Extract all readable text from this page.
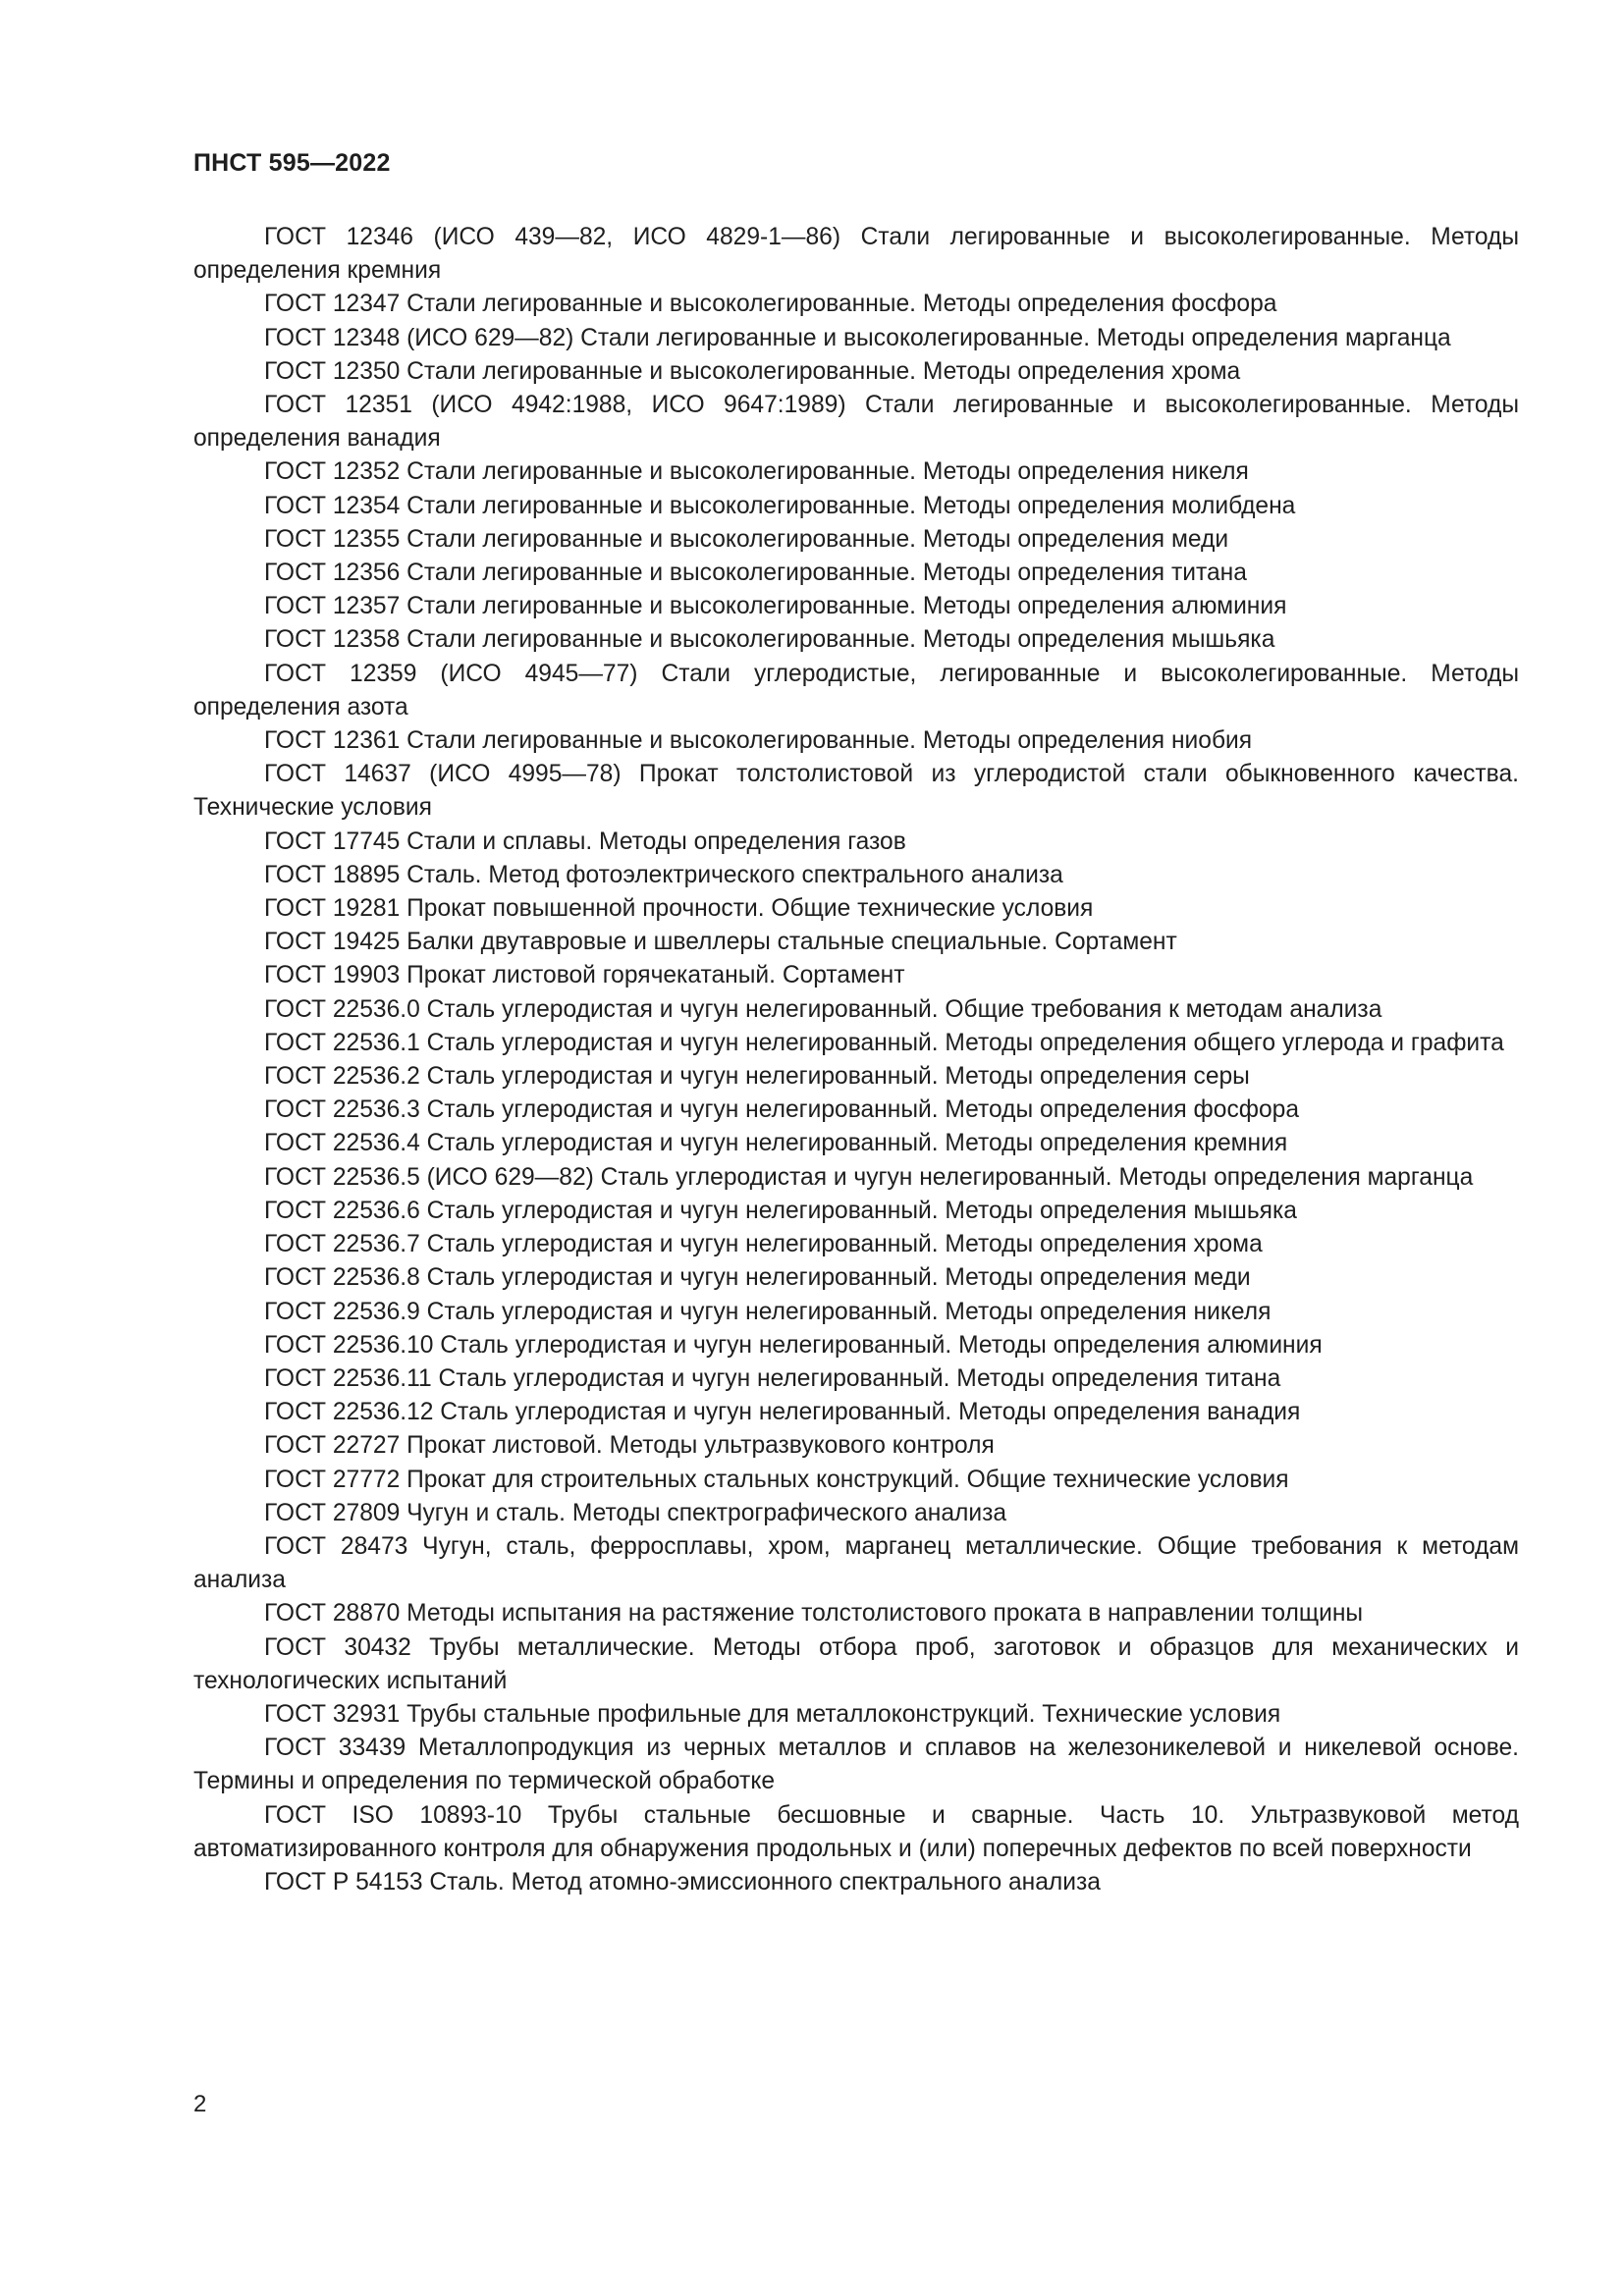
ПНСТ 595—2022
ГОСТ 12346 (ИСО 439—82, ИСО 4829-1—86) Стали легированные и высоколегированные. Методы определения кремния
ГОСТ 12347 Стали легированные и высоколегированные. Методы определения фосфора
ГОСТ 12348 (ИСО 629—82) Стали легированные и высоколегированные. Методы определения марганца
ГОСТ 12350 Стали легированные и высоколегированные. Методы определения хрома
ГОСТ 12351 (ИСО 4942:1988, ИСО 9647:1989) Стали легированные и высоколегированные. Методы определения ванадия
ГОСТ 12352 Стали легированные и высоколегированные. Методы определения никеля
ГОСТ 12354 Стали легированные и высоколегированные. Методы определения молибдена
ГОСТ 12355 Стали легированные и высоколегированные. Методы определения меди
ГОСТ 12356 Стали легированные и высоколегированные. Методы определения титана
ГОСТ 12357 Стали легированные и высоколегированные. Методы определения алюминия
ГОСТ 12358 Стали легированные и высоколегированные. Методы определения мышьяка
ГОСТ 12359 (ИСО 4945—77) Стали углеродистые, легированные и высоколегированные. Методы определения азота
ГОСТ 12361 Стали легированные и высоколегированные. Методы определения ниобия
ГОСТ 14637 (ИСО 4995—78) Прокат толстолистовой из углеродистой стали обыкновенного качества. Технические условия
ГОСТ 17745 Стали и сплавы. Методы определения газов
ГОСТ 18895 Сталь. Метод фотоэлектрического спектрального анализа
ГОСТ 19281 Прокат повышенной прочности. Общие технические условия
ГОСТ 19425 Балки двутавровые и швеллеры стальные специальные. Сортамент
ГОСТ 19903 Прокат листовой горячекатаный. Сортамент
ГОСТ 22536.0 Сталь углеродистая и чугун нелегированный. Общие требования к методам анализа
ГОСТ 22536.1 Сталь углеродистая и чугун нелегированный. Методы определения общего углерода и графита
ГОСТ 22536.2 Сталь углеродистая и чугун нелегированный. Методы определения серы
ГОСТ 22536.3 Сталь углеродистая и чугун нелегированный. Методы определения фосфора
ГОСТ 22536.4 Сталь углеродистая и чугун нелегированный. Методы определения кремния
ГОСТ 22536.5 (ИСО 629—82) Сталь углеродистая и чугун нелегированный. Методы определения марганца
ГОСТ 22536.6 Сталь углеродистая и чугун нелегированный. Методы определения мышьяка
ГОСТ 22536.7 Сталь углеродистая и чугун нелегированный. Методы определения хрома
ГОСТ 22536.8 Сталь углеродистая и чугун нелегированный. Методы определения меди
ГОСТ 22536.9 Сталь углеродистая и чугун нелегированный. Методы определения никеля
ГОСТ 22536.10 Сталь углеродистая и чугун нелегированный. Методы определения алюминия
ГОСТ 22536.11 Сталь углеродистая и чугун нелегированный. Методы определения титана
ГОСТ 22536.12 Сталь углеродистая и чугун нелегированный. Методы определения ванадия
ГОСТ 22727 Прокат листовой. Методы ультразвукового контроля
ГОСТ 27772 Прокат для строительных стальных конструкций. Общие технические условия
ГОСТ 27809 Чугун и сталь. Методы спектрографического анализа
ГОСТ 28473 Чугун, сталь, ферросплавы, хром, марганец металлические. Общие требования к методам анализа
ГОСТ 28870 Методы испытания на растяжение толстолистового проката в направлении толщины
ГОСТ 30432 Трубы металлические. Методы отбора проб, заготовок и образцов для механических и технологических испытаний
ГОСТ 32931 Трубы стальные профильные для металлоконструкций. Технические условия
ГОСТ 33439 Металлопродукция из черных металлов и сплавов на железоникелевой и никелевой основе. Термины и определения по термической обработке
ГОСТ ISO 10893-10 Трубы стальные бесшовные и сварные. Часть 10. Ультразвуковой метод автоматизированного контроля для обнаружения продольных и (или) поперечных дефектов по всей поверхности
ГОСТ Р 54153 Сталь. Метод атомно-эмиссионного спектрального анализа
2
